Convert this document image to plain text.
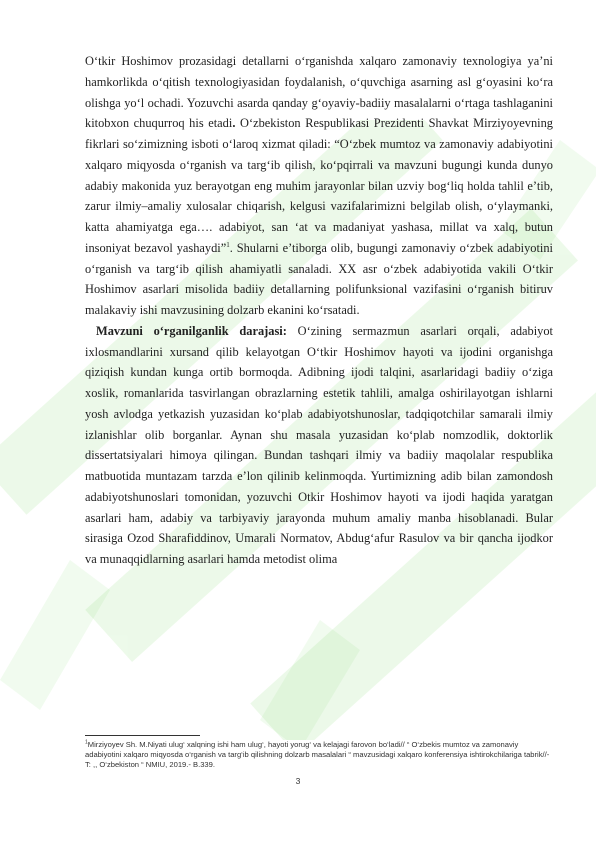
O‘tkir Hoshimov prozasidagi detallarni o‘rganishda xalqaro zamonaviy texnologiya ya’ni hamkorlikda o‘qitish texnologiyasidan foydalanish, o‘quvchiga asarning asl g‘oyasini ko‘ra olishga yo‘l ochadi. Yozuvchi asarda qanday g‘oyaviy-badiiy masalalarni o‘rtaga tashlaganini kitobxon chuqurroq his etadi. O‘zbekiston Respublikasi Prezidenti Shavkat Mirziyoyevning fikrlari so‘zimizning isboti o‘laroq xizmat qiladi: “O‘zbek mumtoz va zamonaviy adabiyotini xalqaro miqyosda o‘rganish va targ‘ib qilish, ko‘pqirrali va mavzuni bugungi kunda dunyo adabiy makonida yuz berayotgan eng muhim jarayonlar bilan uzviy bog‘liq holda tahlil e’tib, zarur ilmiy–amaliy xulosalar chiqarish, kelgusi vazifalarimizni belgilab olish, o‘ylaymanki, katta ahamiyatga ega…. adabiyot, san ‘at va madaniyat yashasa, millat va xalq, butun insoniyat bezavol yashaydi”$^1$. Shularni e’tiborga olib, bugungi zamonaviy o‘zbek adabiyotini o‘rganish va targ‘ib qilish ahamiyatli sanaladi. XX asr o‘zbek adabiyotida vakili O‘tkir Hoshimov asarlari misolida badiiy detallarning polifunksional vazifasini o‘rganish bitiruv malakaviy ishi mavzusining dolzarb ekanini ko‘rsatadi.

Mavzuni o‘rganilganlik darajasi: O‘zining sermazmun asarlari orqali, adabiyot ixlosmandlarini xursand qilib kelayotgan O‘tkir Hoshimov hayoti va ijodini organishga qiziqish kundan kunga ortib bormoqda. Adibning ijodi talqini, asarlaridagi badiiy o‘ziga xoslik, romanlarida tasvirlangan obrazlarning estetik tahlili, amalga oshirilayotgan ishlarni yosh avlodga yetkazish yuzasidan ko‘plab adabiyotshunoslar, tadqiqotchilar samarali ilmiy izlanishlar olib borganlar. Aynan shu masala yuzasidan ko‘plab nomzodlik, doktorlik dissertatsiyalari himoya qilingan. Bundan tashqari ilmiy va badiiy maqolalar respublika matbuotida muntazam tarzda e’lon qilinib kelinmoqda. Yurtimizning adib bilan zamondosh adabiyotshunoslari tomonidan, yozuvchi Otkir Hoshimov hayoti va ijodi haqida yaratgan asarlari ham, adabiy va tarbiyaviy jarayonda muhum amaliy manba hisoblanadi. Bular sirasiga Ozod Sharafiddinov, Umarali Normatov, Abdug‘afur Rasulov va bir qancha ijodkor va munaqqidlarning asarlari hamda metodist olima

$^1$Mirziyoyev Sh. M.Niyati ulug‘ xalqning ishi ham ulug‘, hayoti yorug‘ va kelajagi farovon bo‘ladi// “ O‘zbekis mumtoz va zamonaviy adabiyotini xalqaro miqyosda o‘rganish va targ‘ib qilishning dolzarb masalalari “ mavzusidagi xalqaro konferensiya ishtirokchilariga tabrik//- T: ,, O‘zbekiston “ NMIU, 2019.- B.339.
3
